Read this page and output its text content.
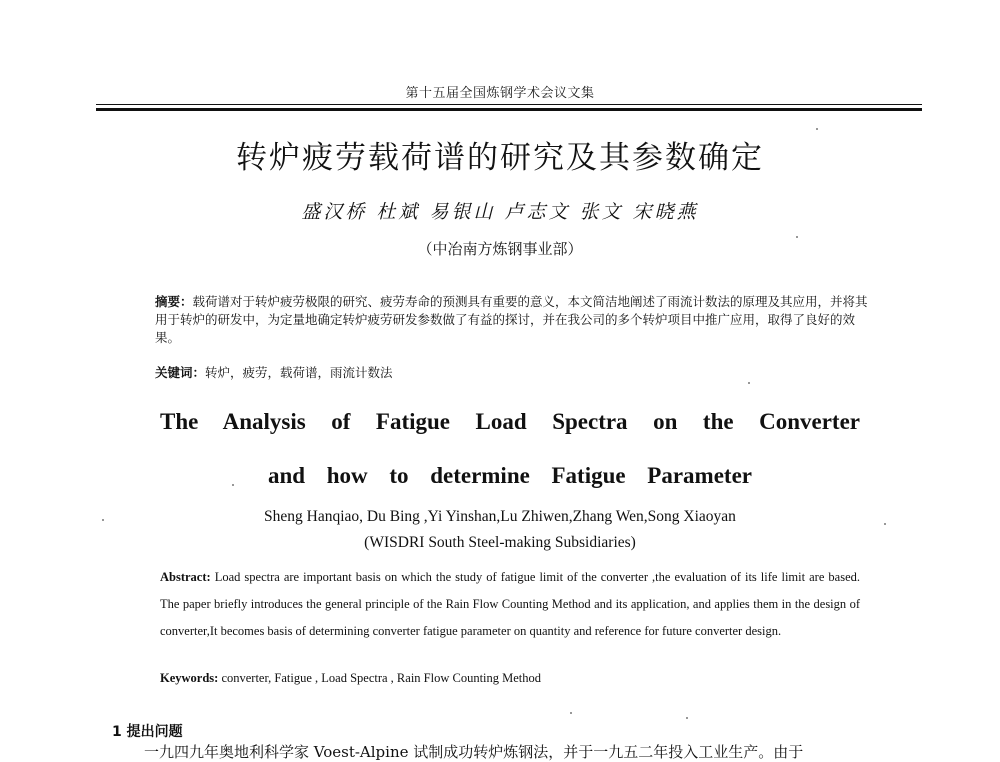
第十五届全国炼钢学术会议文集
转炉疲劳载荷谱的研究及其参数确定
盛汉桥 杜斌 易银山 卢志文 张文 宋晓燕
（中冶南方炼钢事业部）
摘要：载荷谱对于转炉疲劳极限的研究、疲劳寿命的预测具有重要的意义，本文简洁地阐述了雨流计数法的原理及其应用，并将其用于转炉的研发中，为定量地确定转炉疲劳研发参数做了有益的探讨，并在我公司的多个转炉项目中推广应用，取得了良好的效果。
关键词：转炉，疲劳，载荷谱，雨流计数法
The Analysis of Fatigue Load Spectra on the Converter
and how to determine Fatigue Parameter
Sheng Hanqiao, Du Bing ,Yi Yinshan,Lu Zhiwen,Zhang Wen,Song Xiaoyan
(WISDRI South Steel-making Subsidiaries)
Abstract: Load spectra are important basis on which the study of fatigue limit of the converter ,the evaluation of its life limit are based. The paper briefly introduces the general principle of the Rain Flow Counting Method and its application, and applies them in the design of converter,It becomes basis of determining converter fatigue parameter on quantity and reference for future converter design.
Keywords: converter, Fatigue , Load Spectra , Rain Flow Counting Method
1 提出问题
一九四九年奥地利科学家 Voest-Alpine 试制成功转炉炼钢法，并于一九五二年投入工业生产。由于
